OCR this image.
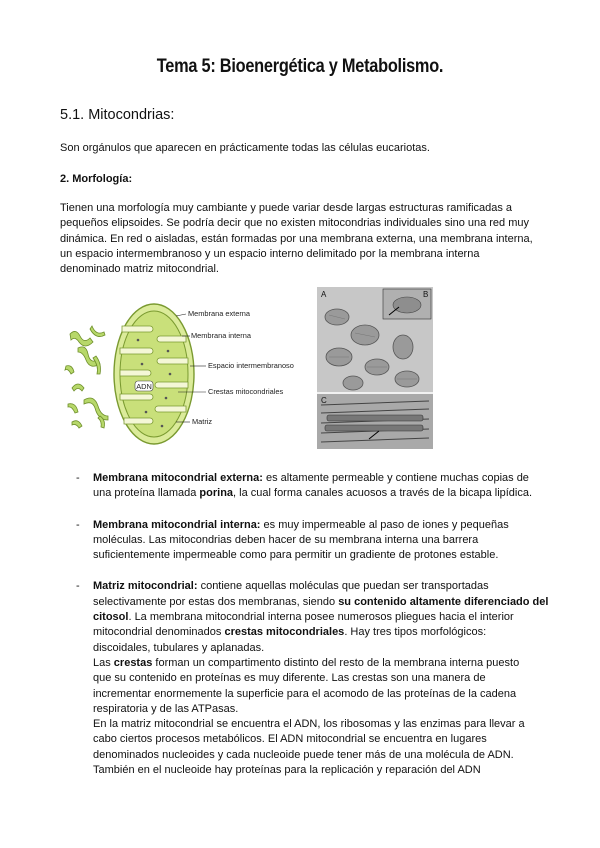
Tema 5: Bioenergética y Metabolismo.
5.1. Mitocondrias:

Son orgánulos que aparecen en prácticamente todas las células eucariotas.

2. Morfología:

Tienen una morfología muy cambiante y puede variar desde largas estructuras ramificadas a
pequeños elipsoides. Se podría decir que no existen mitocondrias individuales sino una red muy
dinámica. En red o aisladas, están formadas por una membrana externa, una membrana interna,
un espacio intermembranoso y un espacio interno delimitado por la membrana interna
denominado matriz mitocondrial.
ADN
Membrana externa
Membrana interna
Espacio intermembranoso
Crestas mitocondriales
Matriz
A	B
C
- Membrana mitocondrial externa: es altamente permeable y contiene muchas copias de
una proteína llamada porina, la cual forma canales acuosos a través de la bicapa lipídica.
- Membrana mitocondrial interna: es muy impermeable al paso de iones y pequeñas
moléculas. Las mitocondrias deben hacer de su membrana interna una barrera
suficientemente impermeable como para permitir un gradiente de protones estable.
- Matriz mitocondrial: contiene aquellas moléculas que puedan ser transportadas
selectivamente por estas dos membranas, siendo su contenido altamente diferenciado del
citosol. La membrana mitocondrial interna posee numerosos pliegues hacia el interior
mitocondrial denominados crestas mitocondriales. Hay tres tipos morfológicos:
discoidales, tubulares y aplanadas.
Las crestas forman un compartimento distinto del resto de la membrana interna puesto
que su contenido en proteínas es muy diferente. Las crestas son una manera de
incrementar enormemente la superficie para el acomodo de las proteínas de la cadena
respiratoria y de las ATPasas.
En la matriz mitocondrial se encuentra el ADN, los ribosomas y las enzimas para llevar a
cabo ciertos procesos metabólicos. El ADN mitocondrial se encuentra en lugares
denominados nucleoides y cada nucleoide puede tener más de una molécula de ADN.
También en el nucleoide hay proteínas para la replicación y reparación del ADN
